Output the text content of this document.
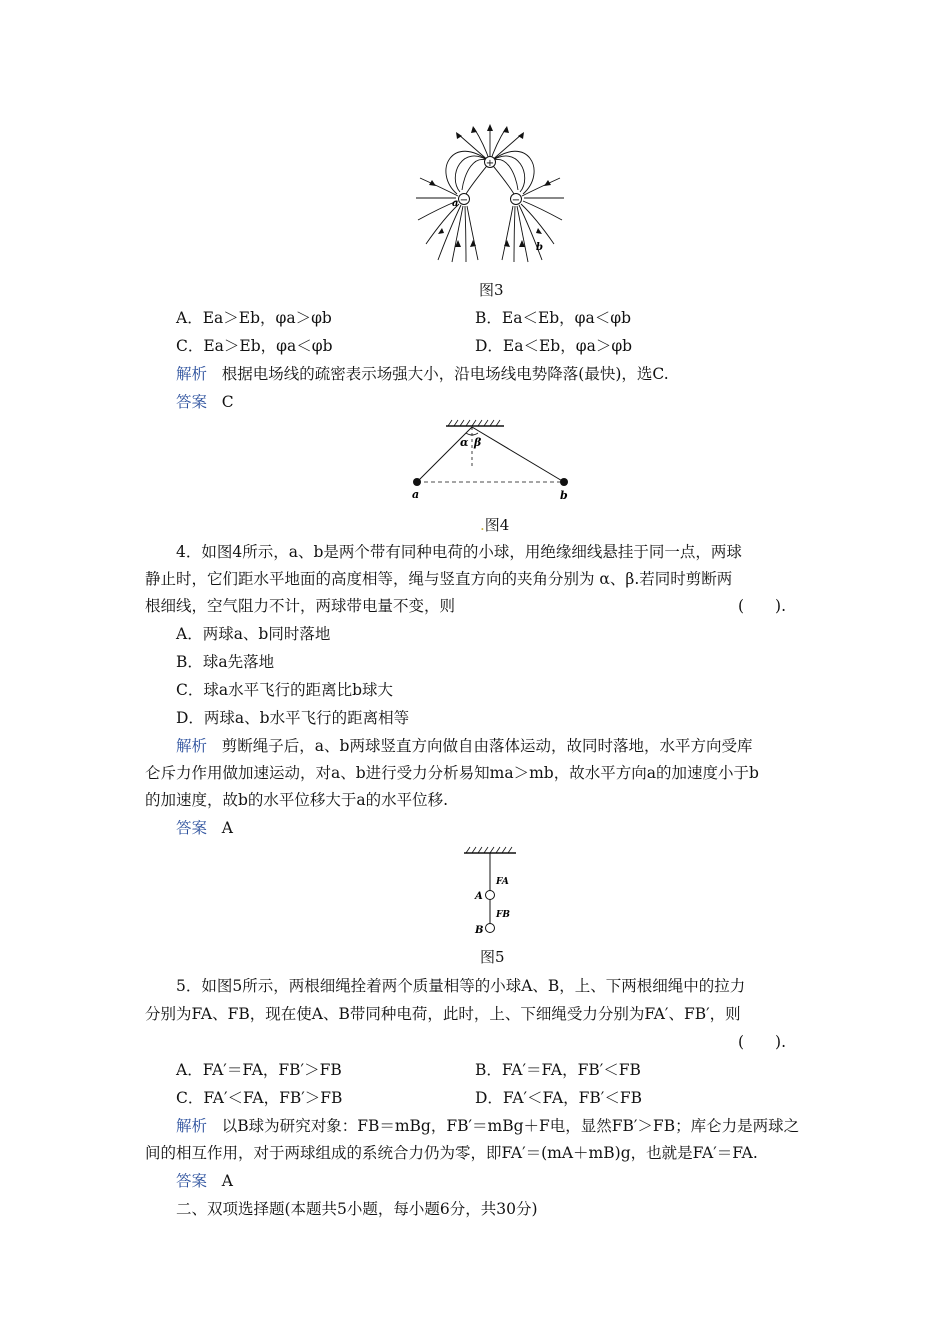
+
−	−
a
b
图3
A．Ea＞Eb，φa＞φb	B．Ea＜Eb，φa＜φb
C．Ea＞Eb，φa＜φb	D．Ea＜Eb，φa＞φb
解析 根据电场线的疏密表示场强大小，沿电场线电势降落(最快)，选C.
答案 C
α β
a	b
.图4
4．如图4所示，a、b是两个带有同种电荷的小球，用绝缘细线悬挂于同一点，两球
静止时，它们距水平地面的高度相等，绳与竖直方向的夹角分别为 α、β.若同时剪断两
根细线，空气阻力不计，两球带电量不变，则	(　　).
A．两球a、b同时落地
B．球a先落地
C．球a水平飞行的距离比b球大
D．两球a、b水平飞行的距离相等
解析 剪断绳子后，a、b两球竖直方向做自由落体运动，故同时落地，水平方向受库
仑斥力作用做加速运动，对a、b进行受力分析易知ma＞mb，故水平方向a的加速度小于b
的加速度，故b的水平位移大于a的水平位移.
答案 A
FA
FB
A
B
图5
5．如图5所示，两根细绳拴着两个质量相等的小球A、B，上、下两根细绳中的拉力
分别为FA、FB，现在使A、B带同种电荷，此时，上、下细绳受力分别为FA′、FB′，则
(　　).
A．FA′＝FA，FB′＞FB	B．FA′＝FA，FB′＜FB
C．FA′＜FA，FB′＞FB	D．FA′＜FA，FB′＜FB
解析 以B球为研究对象：FB＝mBg，FB′＝mBg＋F电，显然FB′＞FB；库仑力是两球之
间的相互作用，对于两球组成的系统合力仍为零，即FA′＝(mA＋mB)g，也就是FA′＝FA.
答案 A
二、双项选择题(本题共5小题，每小题6分，共30分)
